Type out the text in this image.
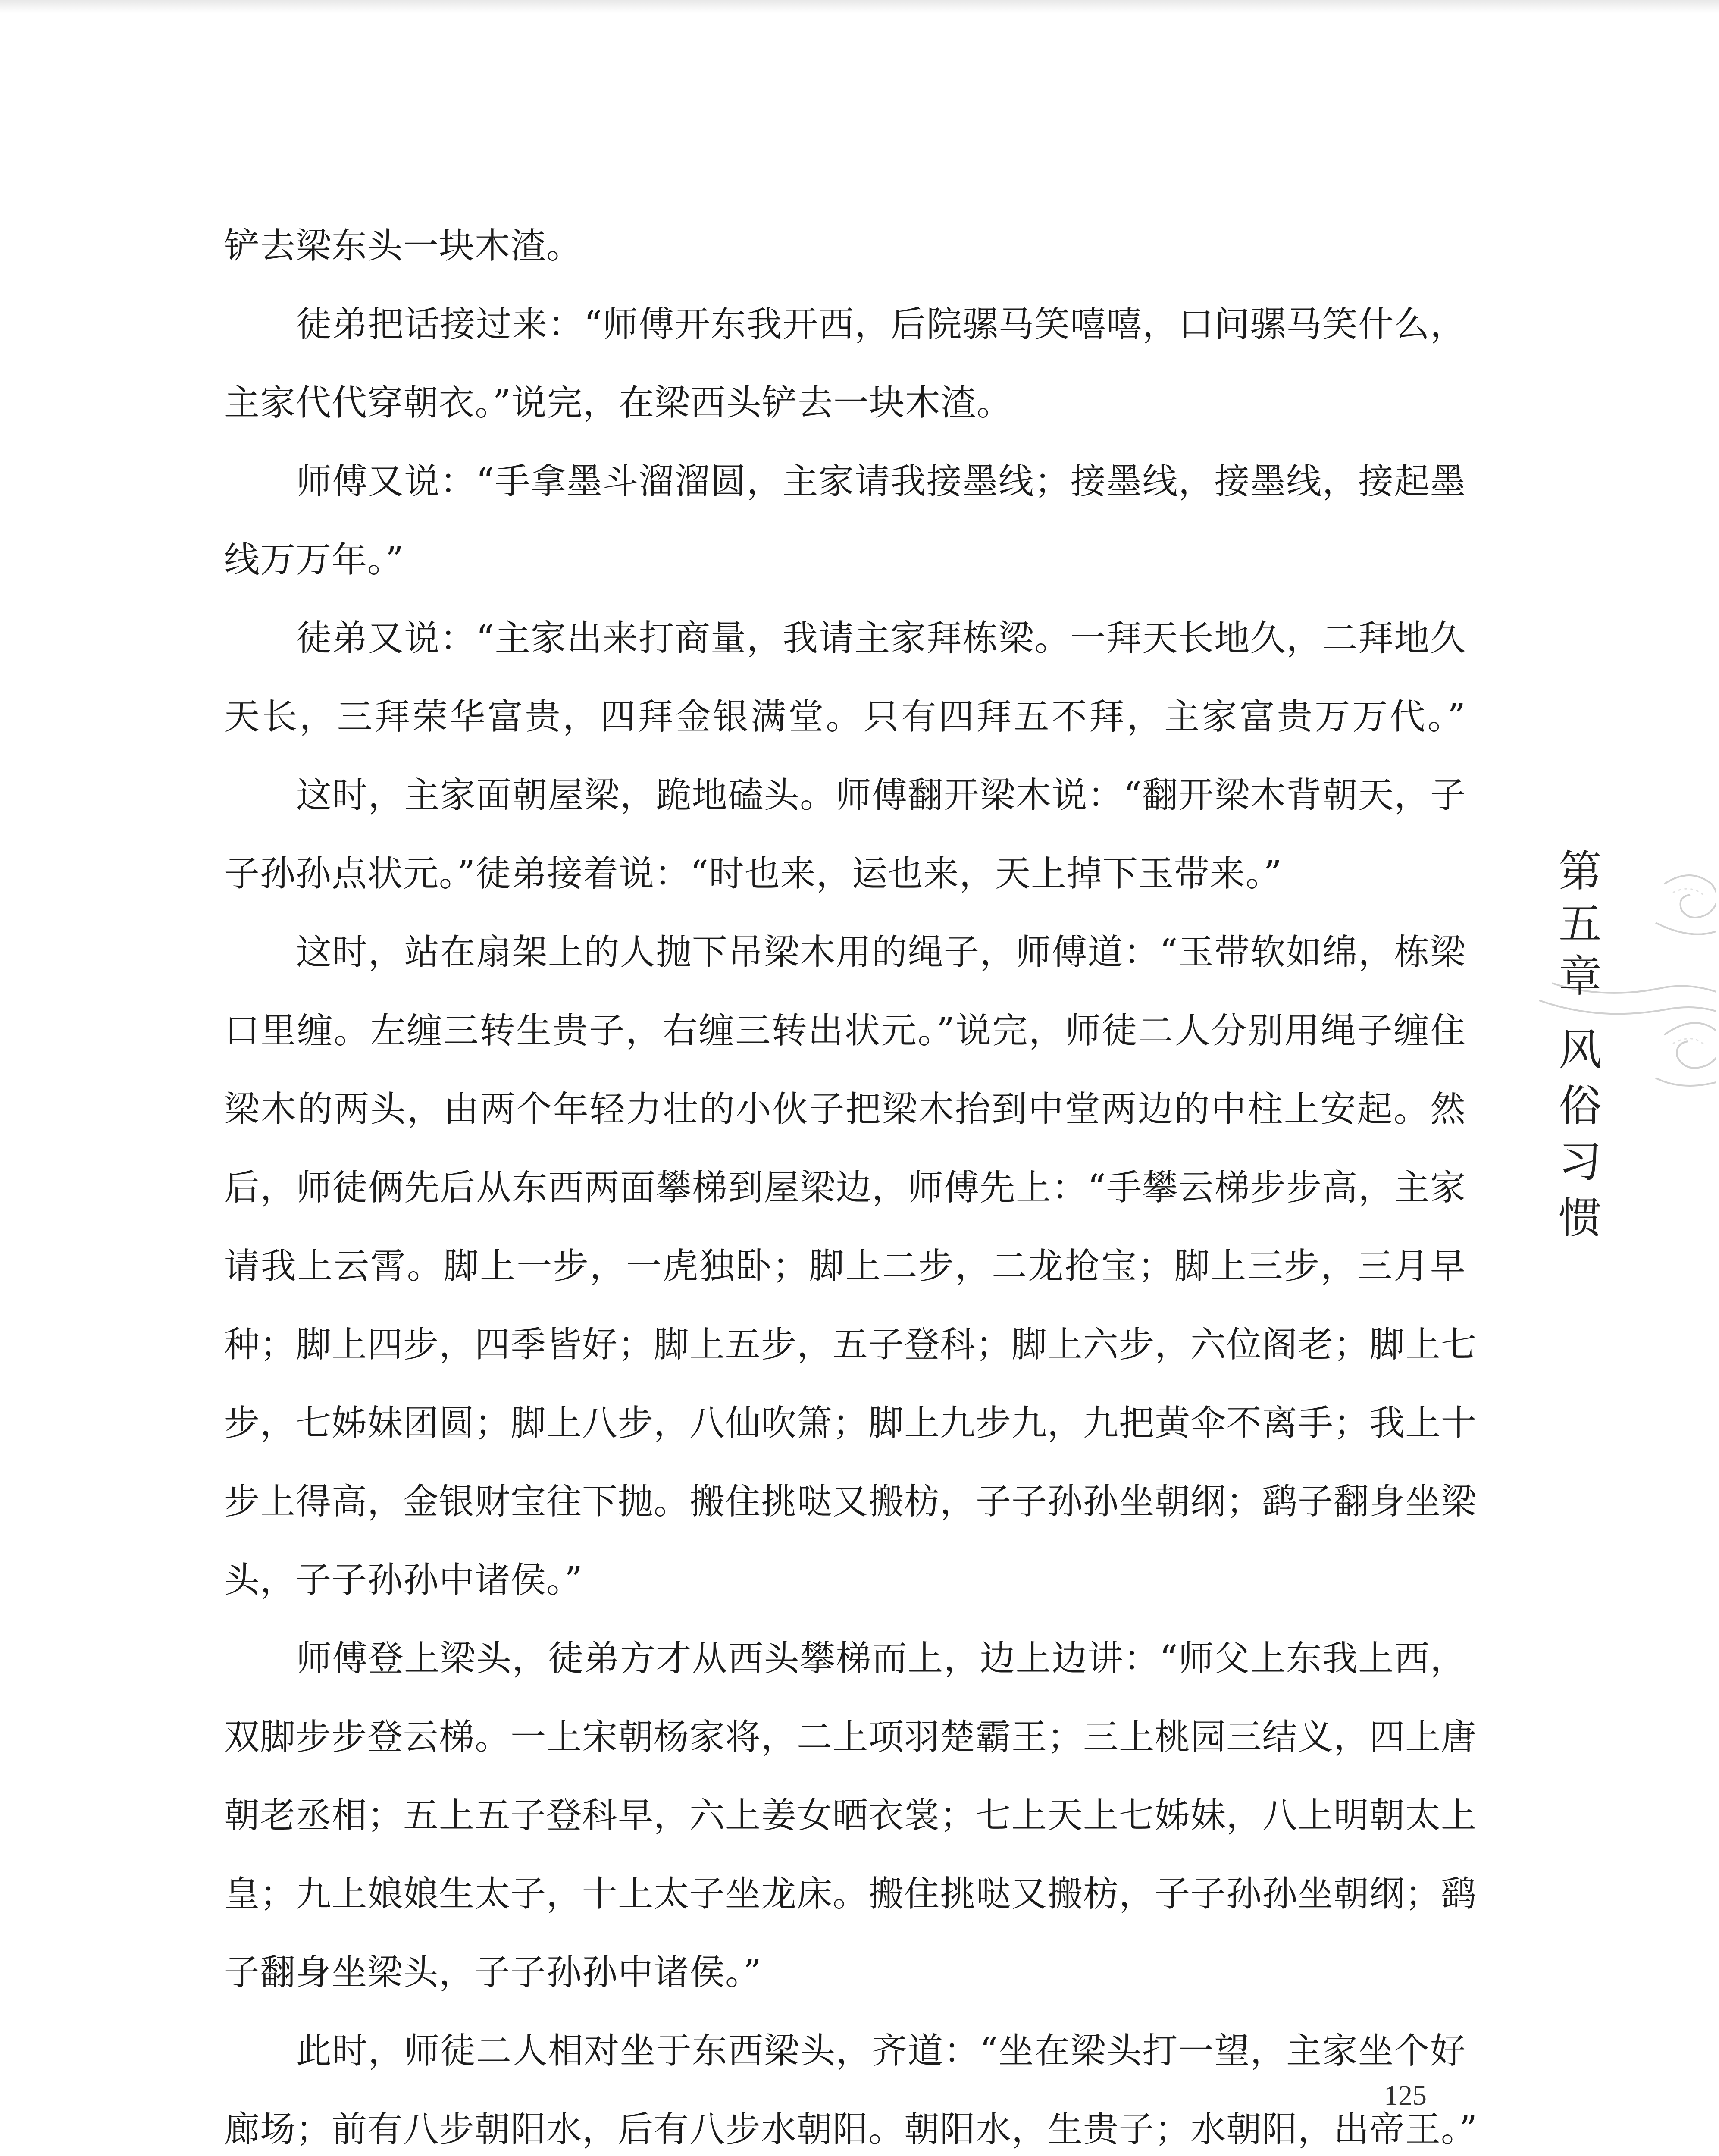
铲去梁东头一块木渣。
　　徒弟把话接过来：“师傅开东我开西，后院骡马笑嘻嘻，口问骡马笑什么，
主家代代穿朝衣。”说完，在梁西头铲去一块木渣。
　　师傅又说：“手拿墨斗溜溜圆，主家请我接墨线；接墨线，接墨线，接起墨
线万万年。”
　　徒弟又说：“主家出来打商量，我请主家拜栋梁。一拜天长地久，二拜地久
天长，三拜荣华富贵，四拜金银满堂。只有四拜五不拜，主家富贵万万代。”
　　这时，主家面朝屋梁，跪地磕头。师傅翻开梁木说：“翻开梁木背朝天，子
子孙孙点状元。”徒弟接着说：“时也来，运也来，天上掉下玉带来。”
　　这时，站在扇架上的人抛下吊梁木用的绳子，师傅道：“玉带软如绵，栋梁
口里缠。左缠三转生贵子，右缠三转出状元。”说完，师徒二人分别用绳子缠住
梁木的两头，由两个年轻力壮的小伙子把梁木抬到中堂两边的中柱上安起。然
后，师徒俩先后从东西两面攀梯到屋梁边，师傅先上：“手攀云梯步步高，主家
请我上云霄。脚上一步，一虎独卧；脚上二步，二龙抢宝；脚上三步，三月早
种；脚上四步，四季皆好；脚上五步，五子登科；脚上六步，六位阁老；脚上七
步，七姊妹团圆；脚上八步，八仙吹箫；脚上九步九，九把黄伞不离手；我上十
步上得高，金银财宝往下抛。搬住挑哒又搬枋，子子孙孙坐朝纲；鹞子翻身坐梁
头，子子孙孙中诸侯。”
　　师傅登上梁头，徒弟方才从西头攀梯而上，边上边讲：“师父上东我上西，
双脚步步登云梯。一上宋朝杨家将，二上项羽楚霸王；三上桃园三结义，四上唐
朝老丞相；五上五子登科早，六上姜女晒衣裳；七上天上七姊妹，八上明朝太上
皇；九上娘娘生太子，十上太子坐龙床。搬住挑哒又搬枋，子子孙孙坐朝纲；鹞
子翻身坐梁头，子子孙孙中诸侯。”
　　此时，师徒二人相对坐于东西梁头，齐道：“坐在梁头打一望，主家坐个好
廊场；前有八步朝阳水，后有八步水朝阳。朝阳水，生贵子；水朝阳，出帝王。”
第
五
章
风
俗
习
惯
125
